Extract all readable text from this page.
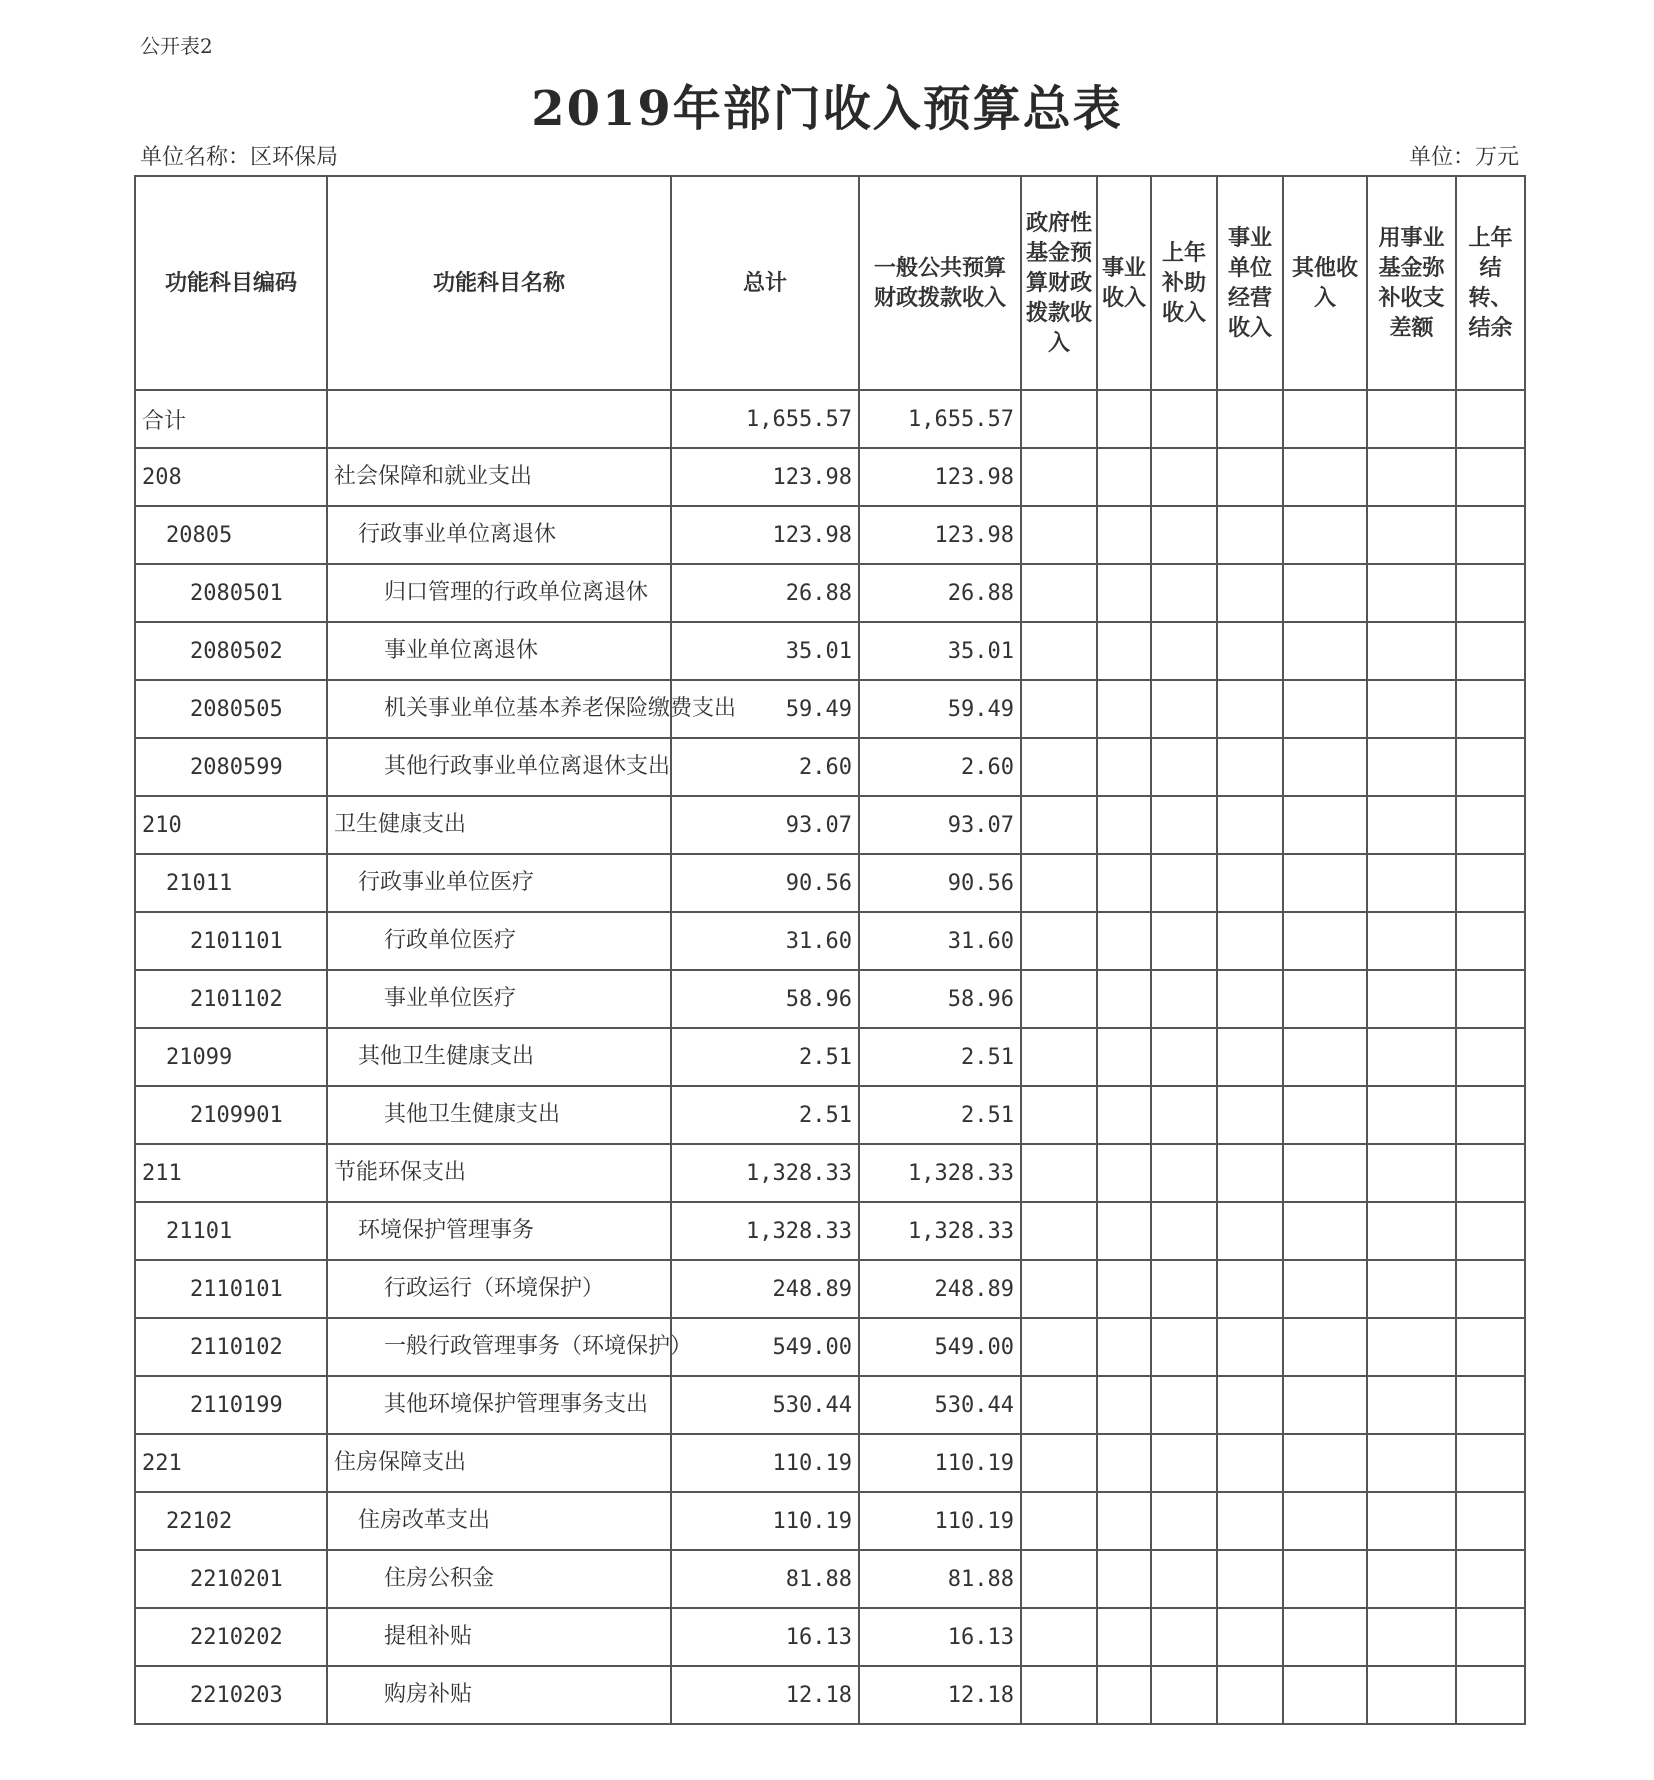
公开表2
2019年部门收入预算总表
单位名称：区环保局	单位：万元
功能科目编码	功能科目名称	总计	一般公共预算财政拨款收入	政府性基金预算财政拨款收入	事业收入	上年补助收入	事业单位经营收入	其他收入	用事业基金弥补收支差额	上年结转、结余
合计		1,655.57	1,655.57							
208	社会保障和就业支出	123.98	123.98							
20805	行政事业单位离退休	123.98	123.98							
2080501	归口管理的行政单位离退休	26.88	26.88							
2080502	事业单位离退休	35.01	35.01							
2080505	机关事业单位基本养老保险缴费支出	59.49	59.49							
2080599	其他行政事业单位离退休支出	2.60	2.60							
210	卫生健康支出	93.07	93.07							
21011	行政事业单位医疗	90.56	90.56							
2101101	行政单位医疗	31.60	31.60							
2101102	事业单位医疗	58.96	58.96							
21099	其他卫生健康支出	2.51	2.51							
2109901	其他卫生健康支出	2.51	2.51							
211	节能环保支出	1,328.33	1,328.33							
21101	环境保护管理事务	1,328.33	1,328.33							
2110101	行政运行（环境保护）	248.89	248.89							
2110102	一般行政管理事务（环境保护）	549.00	549.00							
2110199	其他环境保护管理事务支出	530.44	530.44							
221	住房保障支出	110.19	110.19							
22102	住房改革支出	110.19	110.19							
2210201	住房公积金	81.88	81.88							
2210202	提租补贴	16.13	16.13							
2210203	购房补贴	12.18	12.18							
